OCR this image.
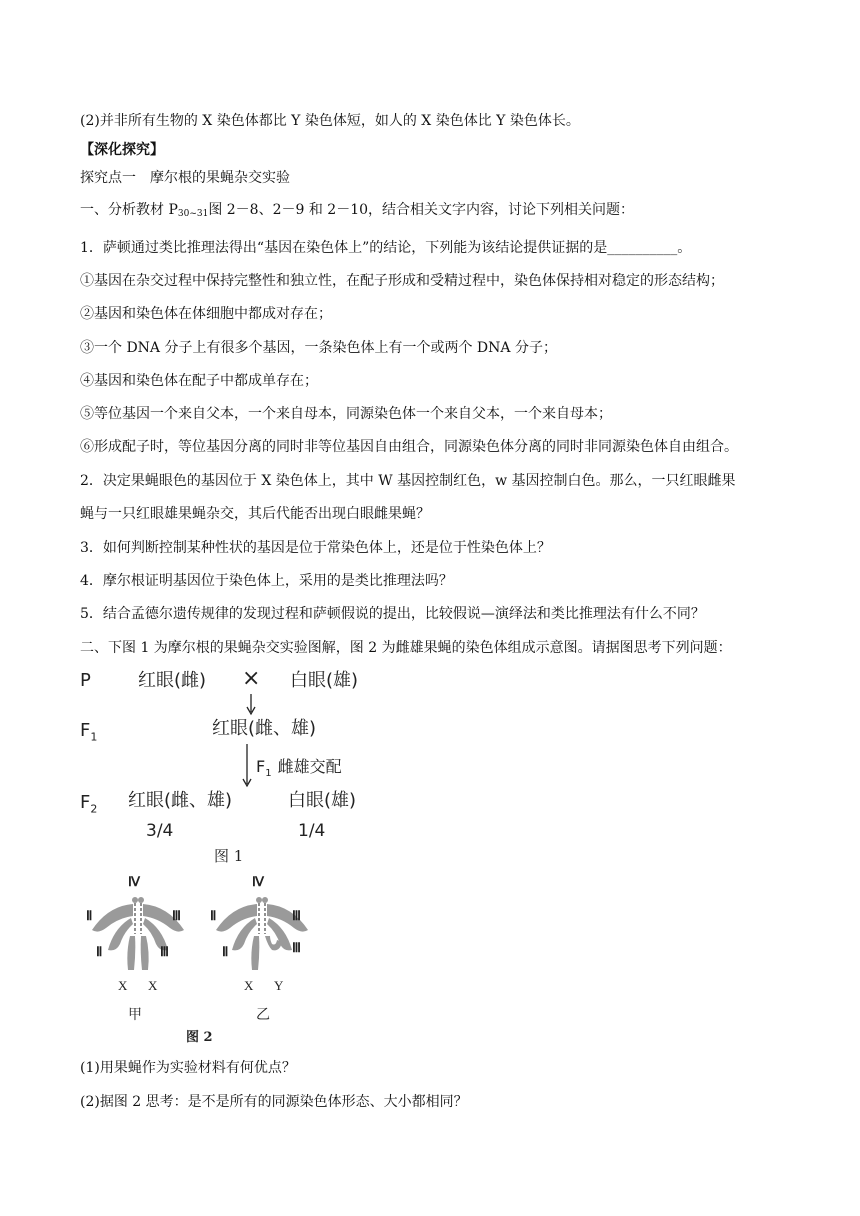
(2)并非所有生物的 X 染色体都比 Y 染色体短，如人的 X 染色体比 Y 染色体长。
【深化探究】
探究点一　摩尔根的果蝇杂交实验
一、分析教材 $P_{30\sim 31}$图 2－8、2－9 和 2－10，结合相关文字内容，讨论下列相关问题：
1．萨顿通过类比推理法得出“基因在染色体上”的结论，下列能为该结论提供证据的是__________。
①基因在杂交过程中保持完整性和独立性，在配子形成和受精过程中，染色体保持相对稳定的形态结构；
②基因和染色体在体细胞中都成对存在；
③一个 DNA 分子上有很多个基因，一条染色体上有一个或两个 DNA 分子；
④基因和染色体在配子中都成单存在；
⑤等位基因一个来自父本，一个来自母本，同源染色体一个来自父本，一个来自母本；
⑥形成配子时，等位基因分离的同时非等位基因自由组合，同源染色体分离的同时非同源染色体自由组合。
2．决定果蝇眼色的基因位于 X 染色体上，其中 W 基因控制红色，w 基因控制白色。那么，一只红眼雌果
蝇与一只红眼雄果蝇杂交，其后代能否出现白眼雌果蝇？
3．如何判断控制某种性状的基因是位于常染色体上，还是位于性染色体上？
4．摩尔根证明基因位于染色体上，采用的是类比推理法吗？
5．结合孟德尔遗传规律的发现过程和萨顿假说的提出，比较假说—演绎法和类比推理法有什么不同？
二、下图 1 为摩尔根的果蝇杂交实验图解，图 2 为雌雄果蝇的染色体组成示意图。请据图思考下列问题：
P	红眼(雌) × 白眼(雄)
$F_1$	红眼(雌、雄)
$F_1$ 雌雄交配
$F_2$ 红眼(雌、雄)	白眼(雄)
3/4	1/4
图 1
Ⅳ
Ⅱ	Ⅲ
Ⅱ	Ⅲ
X X
甲
Ⅳ
Ⅱ	Ⅲ
Ⅱ	Ⅲ
X Y
乙
图 2
(1)用果蝇作为实验材料有何优点？
(2)据图 2 思考：是不是所有的同源染色体形态、大小都相同？
